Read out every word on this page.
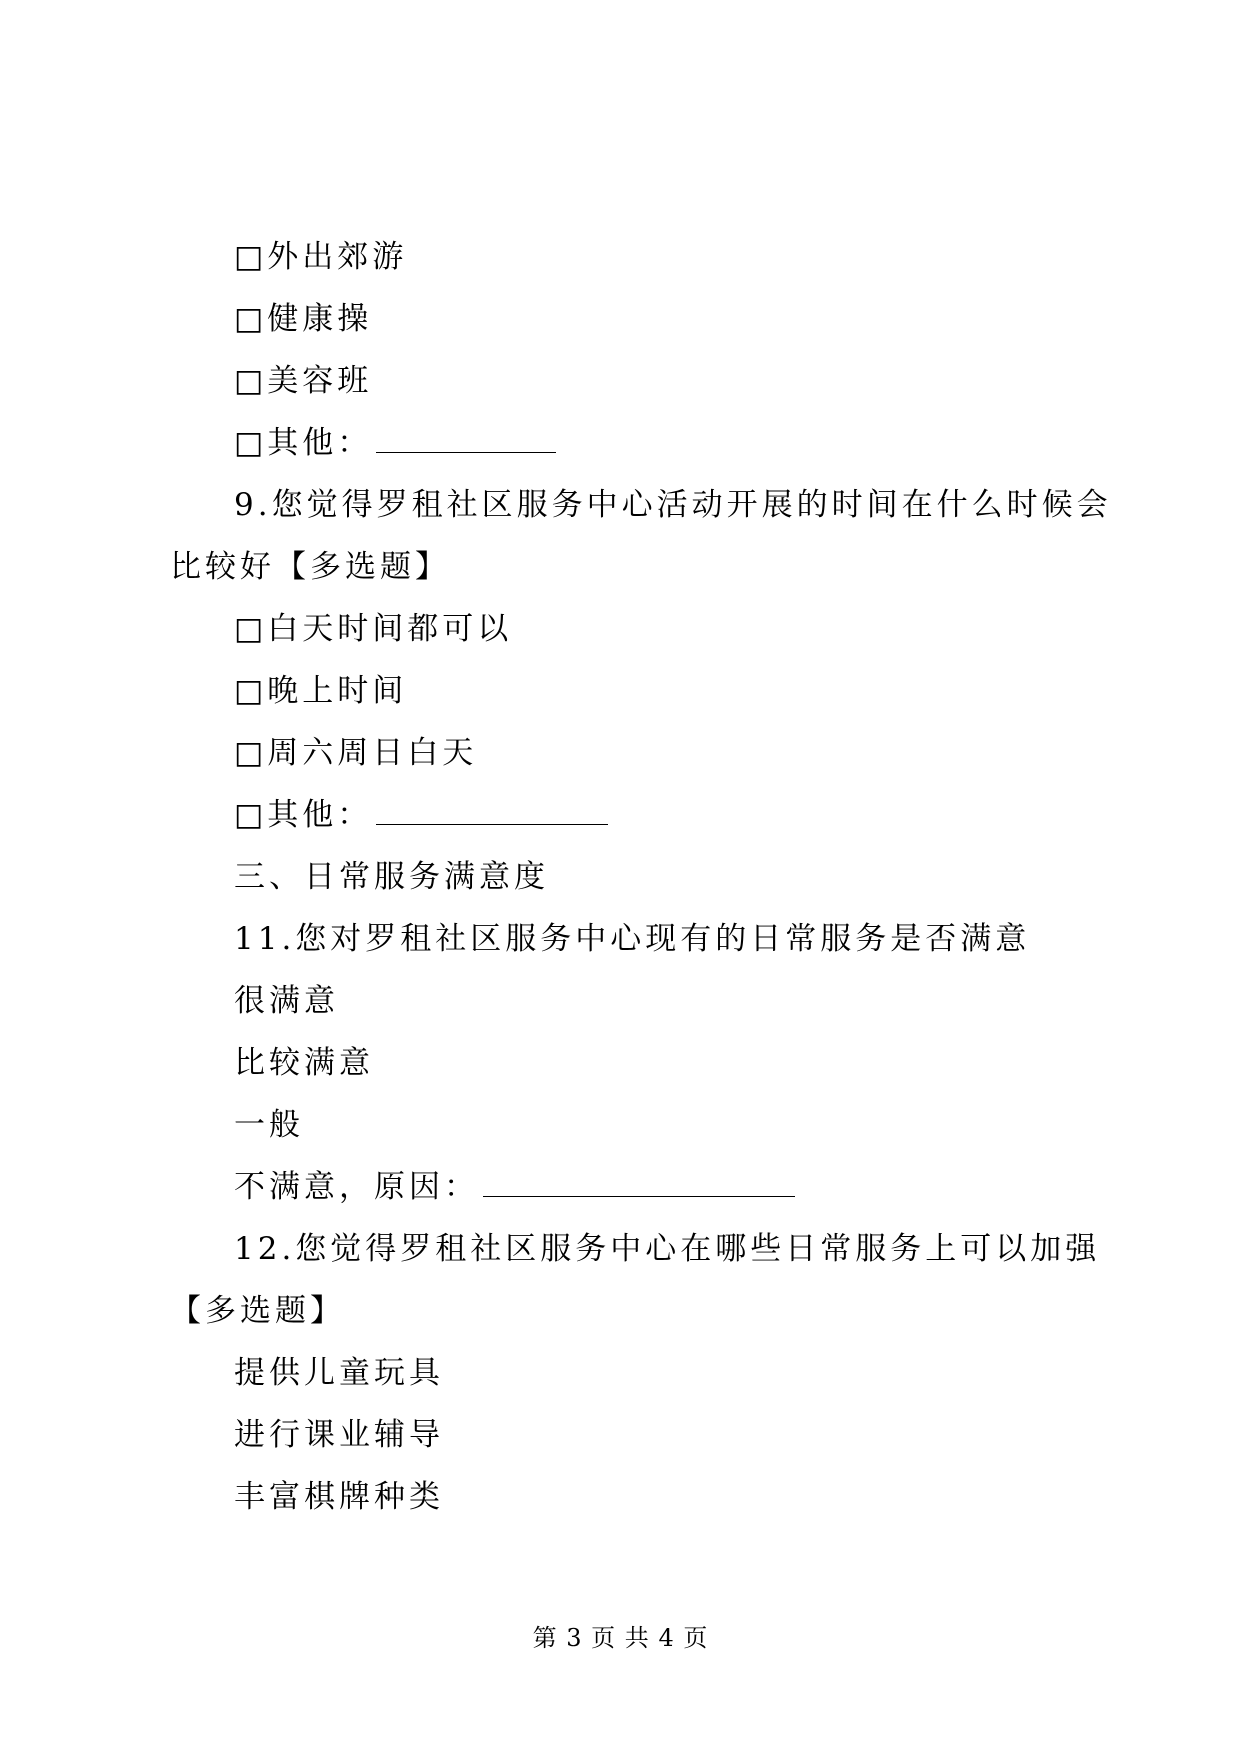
□外出郊游
□健康操
□美容班
□其他：
9.您觉得罗租社区服务中心活动开展的时间在什么时候会
比较好【多选题】
□白天时间都可以
□晚上时间
□周六周日白天
□其他：
三、日常服务满意度
11.您对罗租社区服务中心现有的日常服务是否满意
很满意
比较满意
一般
不满意，原因：
12.您觉得罗租社区服务中心在哪些日常服务上可以加强
【多选题】
提供儿童玩具
进行课业辅导
丰富棋牌种类
第 3 页 共 4 页
